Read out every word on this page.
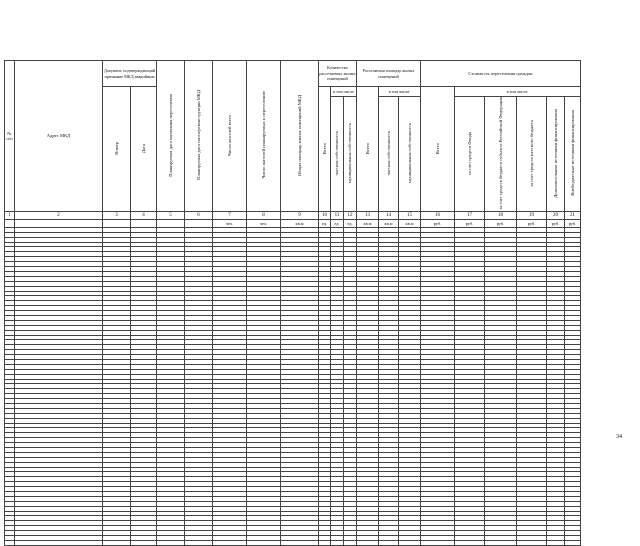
№ п/п	Адрес МКД	Документ, подтверждающий признание МКД аварийным		Планируемая дата окончания переселения	Планируемая дата сноса/реконструкции МКД	Число жителей всего	Число жителей планируемых к переселению	Общая площадь жилых помещений МКД	Количество расселяемых жилых помещений			Расселяемая площадь жилых помещений			Стоимость переселения граждан					
		Номер	Дата						Всего	в том числе		Всего	в том числе:		Всего	в том числе:				
										частная собственность	муниципальная собственность		частная собственность	муниципальная собственность		за счет средств Фонда	за счет средств бюджета субъекта Российской Федерации	за счет средств местного бюджета	Дополнительные источники финансирования	Внебюджетные источники финансирования
1	2	3	4	5	6	7	8	9	10	11	12	13	14	15	16	17	18	19	20	21
						чел.	чел.	кв.м	ед.	ед.	ед.	кв.м	кв.м	кв.м	руб.	руб.	руб.	руб.	руб.	руб.

34
